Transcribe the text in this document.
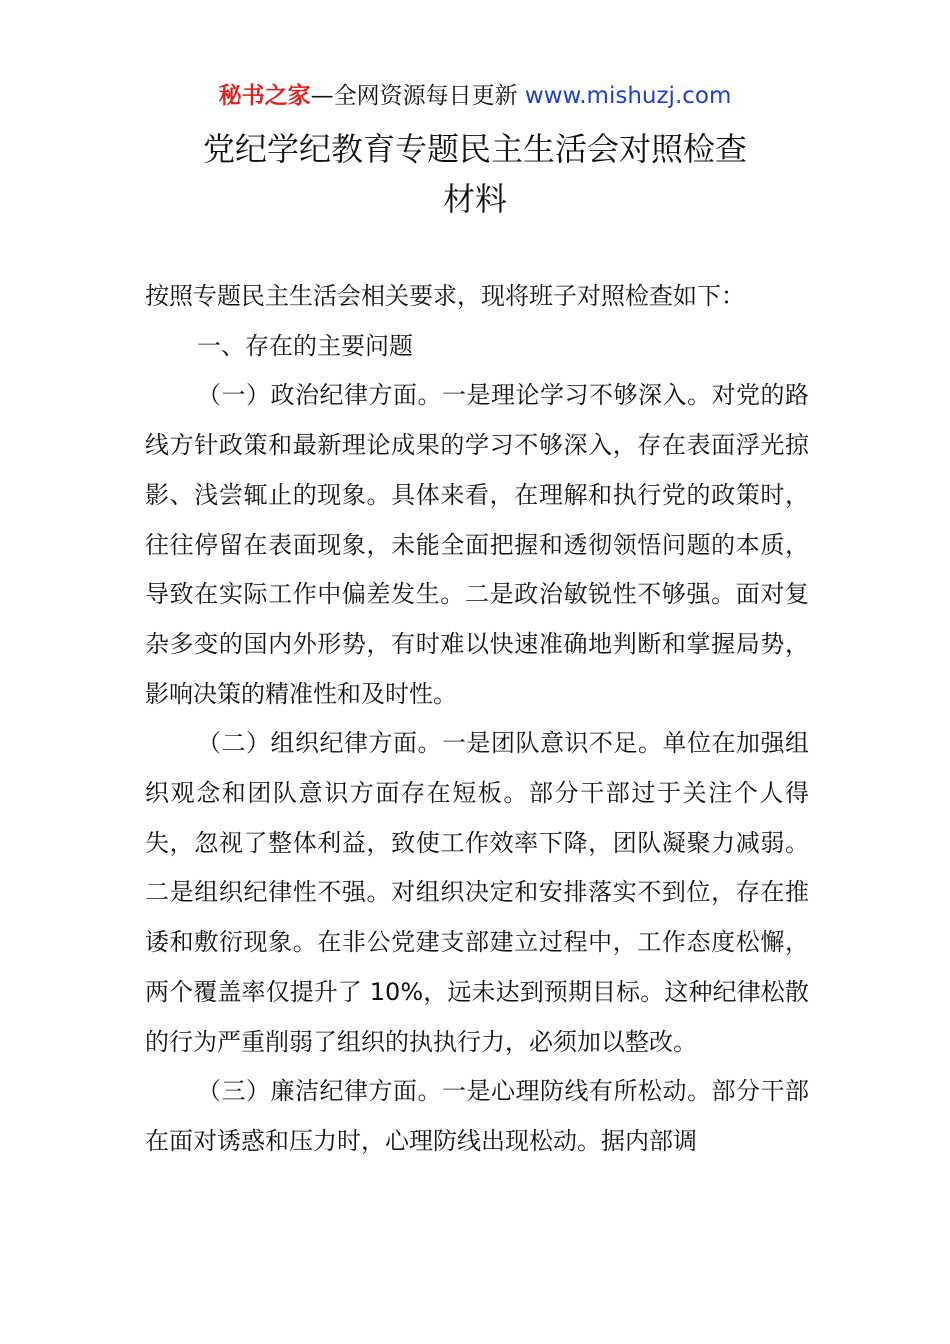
秘书之家—全网资源每日更新 www.mishuzj.com
党纪学纪教育专题民主生活会对照检查
材料

按照专题民主生活会相关要求，现将班子对照检查如下：

一、存在的主要问题

（一）政治纪律方面。一是理论学习不够深入。对党的路线方针政策和最新理论成果的学习不够深入，存在表面浮光掠影、浅尝辄止的现象。具体来看，在理解和执行党的政策时，往往停留在表面现象，未能全面把握和透彻领悟问题的本质，导致在实际工作中偏差发生。二是政治敏锐性不够强。面对复杂多变的国内外形势，有时难以快速准确地判断和掌握局势，影响决策的精准性和及时性。

（二）组织纪律方面。一是团队意识不足。单位在加强组织观念和团队意识方面存在短板。部分干部过于关注个人得失，忽视了整体利益，致使工作效率下降，团队凝聚力减弱。二是组织纪律性不强。对组织决定和安排落实不到位，存在推诿和敷衍现象。在非公党建支部建立过程中，工作态度松懈，两个覆盖率仅提升了 10%，远未达到预期目标。这种纪律松散的行为严重削弱了组织的执执行力，必须加以整改。

（三）廉洁纪律方面。一是心理防线有所松动。部分干部在面对诱惑和压力时，心理防线出现松动。据内部调
